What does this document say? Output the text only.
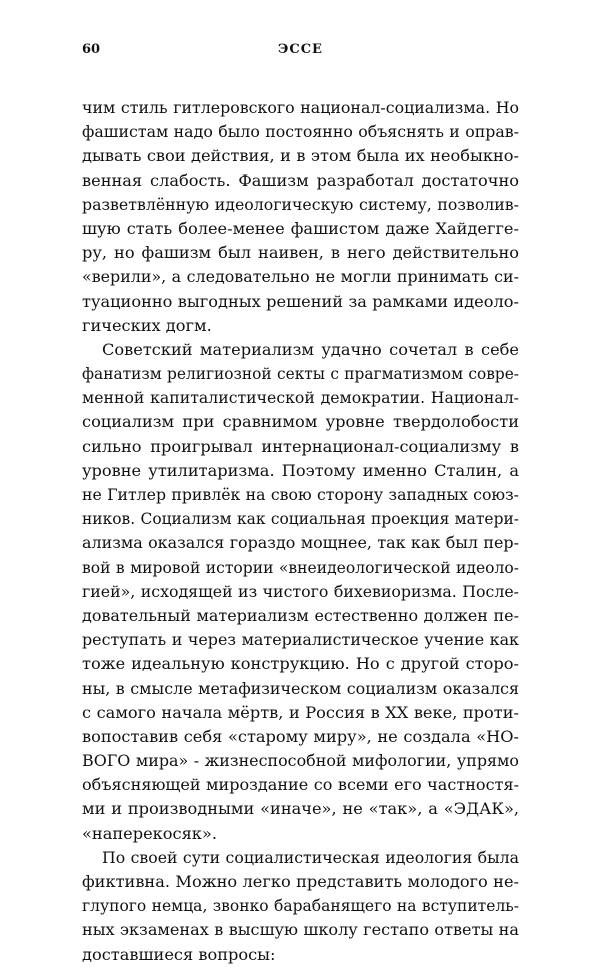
60	ЭССЕ
чим стиль гитлеровского национал-социализма. Но
фашистам надо было постоянно объяснять и оправ-
дывать свои действия, и в этом была их необыкно-
венная слабость. Фашизм разработал достаточно
разветвлённую идеологическую систему, позволив-
шую стать более-менее фашистом даже Хайдегге-
ру, но фашизм был наивен, в него действительно
«верили», а следовательно не могли принимать си-
туационно выгодных решений за рамками идеоло-
гических догм.
Советский материализм удачно сочетал в себе
фанатизм религиозной секты с прагматизмом совре-
менной капиталистической демократии. Национал-
социализм при сравнимом уровне твердолобости
сильно проигрывал интернационал-социализму в
уровне утилитаризма. Поэтому именно Сталин, а
не Гитлер привлёк на свою сторону западных союз-
ников. Социализм как социальная проекция матери-
ализма оказался гораздо мощнее, так как был пер-
вой в мировой истории «внеидеологической идеоло-
гией», исходящей из чистого бихевиоризма. После-
довательный материализм естественно должен пе-
реступать и через материалистическое учение как
тоже идеальную конструкцию. Но с другой сторо-
ны, в смысле метафизическом социализм оказался
с самого начала мёртв, и Россия в XX веке, проти-
вопоставив себя «старому миру», не создала «НО-
ВОГО мира» - жизнеспособной мифологии, упрямо
объясняющей мироздание со всеми его частностя-
ми и производными «иначе», не «так», а «ЭДАК»,
«наперекосяк».
По своей сути социалистическая идеология была
фиктивна. Можно легко представить молодого не-
глупого немца, звонко барабанящего на вступитель-
ных экзаменах в высшую школу гестапо ответы на
доставшиеся вопросы:
